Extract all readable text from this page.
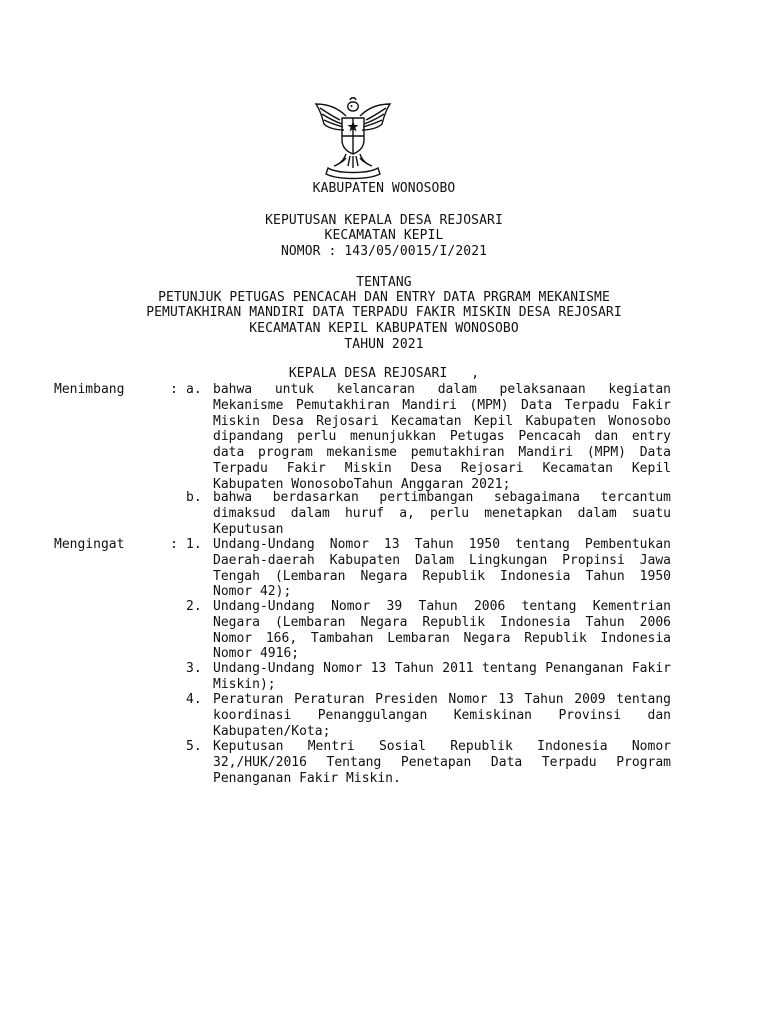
KABUPATEN WONOSOBO
KEPUTUSAN KEPALA DESA REJOSARI
KECAMATAN KEPIL
NOMOR : 143/05/0015/I/2021
TENTANG
PETUNJUK PETUGAS PENCACAH DAN ENTRY DATA PRGRAM MEKANISME
PEMUTAKHIRAN MANDIRI DATA TERPADU FAKIR MISKIN DESA REJOSARI
KECAMATAN KEPIL KABUPATEN WONOSOBO
TAHUN 2021
KEPALA DESA REJOSARI   ,
Menimbang	: a. bahwa untuk kelancaran dalam pelaksanaan kegiatan Mekanisme Pemutakhiran Mandiri (MPM) Data Terpadu Fakir Miskin Desa Rejosari Kecamatan Kepil Kabupaten Wonosobo dipandang perlu menunjukkan Petugas Pencacah dan entry data program mekanisme pemutakhiran Mandiri (MPM) Data Terpadu Fakir Miskin Desa Rejosari Kecamatan Kepil Kabupaten WonosoboTahun Anggaran 2021;
b. bahwa berdasarkan pertimbangan sebagaimana tercantum dimaksud dalam huruf a, perlu menetapkan dalam suatu Keputusan
Mengingat	: 1. Undang-Undang Nomor 13 Tahun 1950 tentang Pembentukan Daerah-daerah Kabupaten Dalam Lingkungan Propinsi Jawa Tengah (Lembaran Negara Republik Indonesia Tahun 1950 Nomor 42);
2. Undang-Undang Nomor 39 Tahun 2006 tentang Kementrian Negara (Lembaran Negara Republik Indonesia Tahun 2006 Nomor 166, Tambahan Lembaran Negara Republik Indonesia Nomor 4916;
3. Undang-Undang Nomor 13 Tahun 2011 tentang Penanganan Fakir Miskin);
4. Peraturan Peraturan Presiden Nomor 13 Tahun 2009 tentang koordinasi Penanggulangan Kemiskinan Provinsi dan Kabupaten/Kota;
5. Keputusan Mentri Sosial Republik Indonesia Nomor 32,/HUK/2016 Tentang Penetapan Data Terpadu Program Penanganan Fakir Miskin.
